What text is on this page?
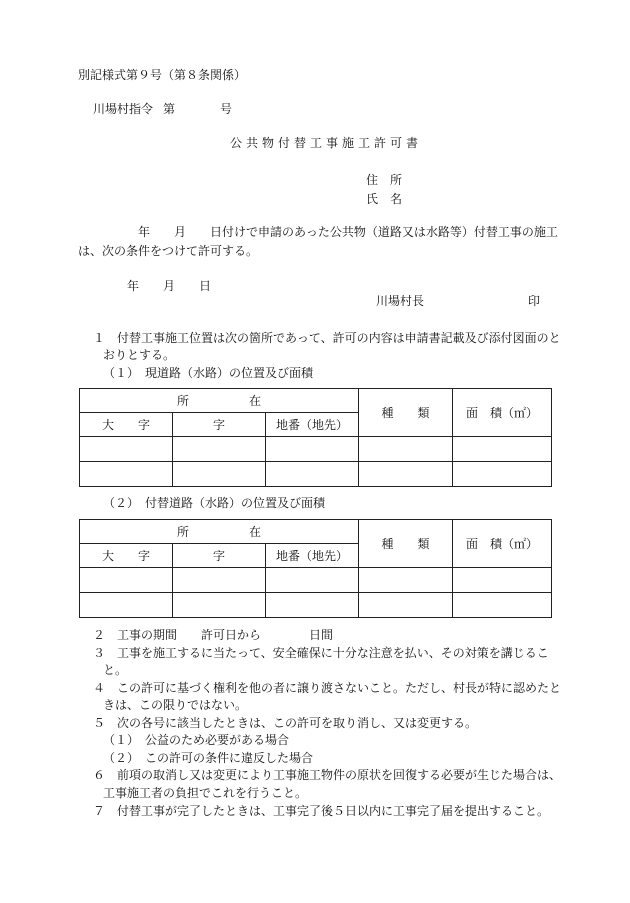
別記様式第９号（第８条関係）
川場村指令 第	号
公共物付替工事施工許可書
住　所
氏　名
年　　月　　日付けで申請のあった公共物（道路又は水路等）付替工事の施工
は、次の条件をつけて許可する。
年　　月　　日
川場村長	印
１　付替工事施工位置は次の箇所であって、許可の内容は申請書記載及び添付図面のと
おりとする。
（１）　現道路（水路）の位置及び面積
所　　　　　在			種　　類	面　積（㎡）
大　　字	字	地番（地先）		

（２）　付替道路（水路）の位置及び面積
所　　　　　在			種　　類	面　積（㎡）
大　　字	字	地番（地先）		

２　工事の期間　　許可日から　　　　日間
３　工事を施工するに当たって、安全確保に十分な注意を払い、その対策を講じるこ
と。
４　この許可に基づく権利を他の者に譲り渡さないこと。ただし、村長が特に認めたと
きは、この限りではない。
５　次の各号に該当したときは、この許可を取り消し、又は変更する。
（１）　公益のため必要がある場合
（２）　この許可の条件に違反した場合
６　前項の取消し又は変更により工事施工物件の原状を回復する必要が生じた場合は、
工事施工者の負担でこれを行うこと。
７　付替工事が完了したときは、工事完了後５日以内に工事完了届を提出すること。
